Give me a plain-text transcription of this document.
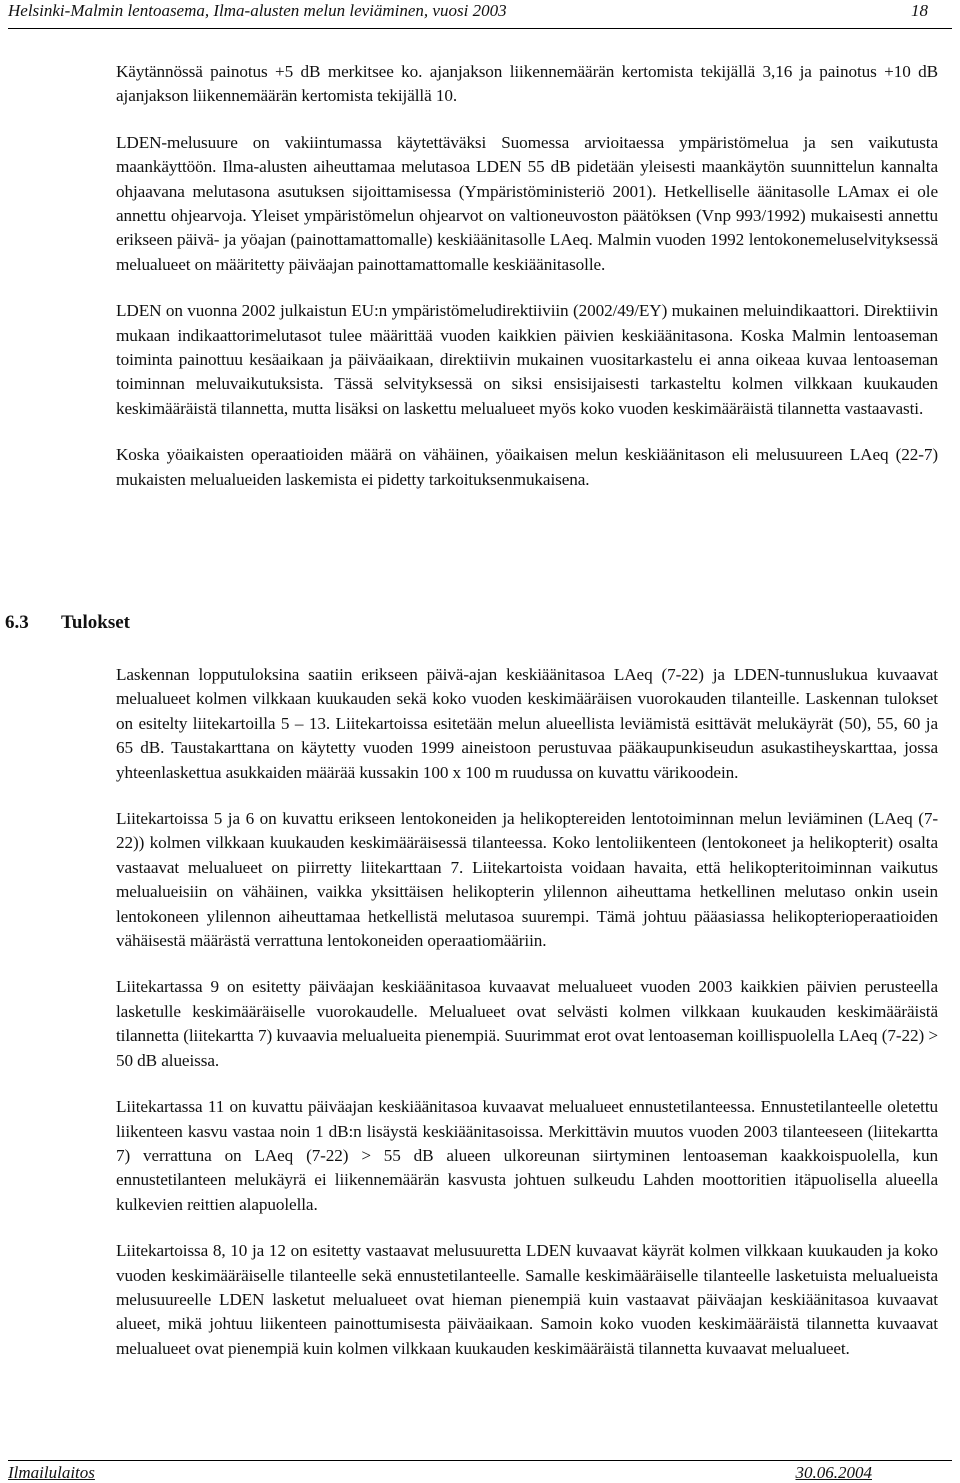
Helsinki-Malmin lentoasema, Ilma-alusten melun leviäminen, vuosi 2003	18

Käytännössä painotus +5 dB merkitsee ko. ajanjakson liikennemäärän kertomista tekijällä 3,16 ja painotus +10 dB ajanjakson liikennemäärän kertomista tekijällä 10.

LDEN-melusuure on vakiintumassa käytettäväksi Suomessa arvioitaessa ympäristömelua ja sen vaikutusta maankäyttöön. Ilma-alusten aiheuttamaa melutasoa LDEN 55 dB pidetään yleisesti maankäytön suunnittelun kannalta ohjaavana melutasona asutuksen sijoittamisessa (Ympäristöministeriö 2001). Hetkelliselle äänitasolle LAmax ei ole annettu ohjearvoja. Yleiset ympäristömelun ohjearvot on valtioneuvoston päätöksen (Vnp 993/1992) mukaisesti annettu erikseen päivä- ja yöajan (painottamattomalle) keskiäänitasolle LAeq. Malmin vuoden 1992 lentokonemeluselvityksessä melualueet on määritetty päiväajan painottamattomalle keskiäänitasolle.

LDEN on vuonna 2002 julkaistun EU:n ympäristömeludirektiiviin (2002/49/EY) mukainen meluindikaattori. Direktiivin mukaan indikaattorimelutasot tulee määrittää vuoden kaikkien päivien keskiäänitasona. Koska Malmin lentoaseman toiminta painottuu kesäaikaan ja päiväaikaan, direktiivin mukainen vuositarkastelu ei anna oikeaa kuvaa lentoaseman toiminnan meluvaikutuksista. Tässä selvityksessä on siksi ensisijaisesti tarkasteltu kolmen vilkkaan kuukauden keskimääräistä tilannetta, mutta lisäksi on laskettu melualueet myös koko vuoden keskimääräistä tilannetta vastaavasti.

Koska yöaikaisten operaatioiden määrä on vähäinen, yöaikaisen melun keskiäänitason eli melusuureen LAeq (22-7) mukaisten melualueiden laskemista ei pidetty tarkoituksenmukaisena.

6.3 Tulokset

Laskennan lopputuloksina saatiin erikseen päivä-ajan keskiäänitasoa LAeq (7-22) ja LDEN-tunnuslukua kuvaavat melualueet kolmen vilkkaan kuukauden sekä koko vuoden keskimääräisen vuorokauden tilanteille. Laskennan tulokset on esitelty liitekartoilla 5 – 13. Liitekartoissa esitetään melun alueellista leviämistä esittävät melukäyrät (50), 55, 60 ja 65 dB. Taustakarttana on käytetty vuoden 1999 aineistoon perustuvaa pääkaupunkiseudun asukastiheyskarttaa, jossa yhteenlaskettua asukkaiden määrää kussakin 100 x 100 m ruudussa on kuvattu värikoodein.

Liitekartoissa 5 ja 6 on kuvattu erikseen lentokoneiden ja helikoptereiden lentotoiminnan melun leviäminen (LAeq (7-22)) kolmen vilkkaan kuukauden keskimääräisessä tilanteessa. Koko lentoliikenteen (lentokoneet ja helikopterit) osalta vastaavat melualueet on piirretty liitekarttaan 7. Liitekartoista voidaan havaita, että helikopteritoiminnan vaikutus melualueisiin on vähäinen, vaikka yksittäisen helikopterin ylilennon aiheuttama hetkellinen melutaso onkin usein lentokoneen ylilennon aiheuttamaa hetkellistä melutasoa suurempi. Tämä johtuu pääasiassa helikopterioperaatioiden vähäisestä määrästä verrattuna lentokoneiden operaatiomääriin.

Liitekartassa 9 on esitetty päiväajan keskiäänitasoa kuvaavat melualueet vuoden 2003 kaikkien päivien perusteella lasketulle keskimääräiselle vuorokaudelle. Melualueet ovat selvästi kolmen vilkkaan kuukauden keskimääräistä tilannetta (liitekartta 7) kuvaavia melualueita pienempiä. Suurimmat erot ovat lentoaseman koillispuolella LAeq (7-22) > 50 dB alueissa.

Liitekartassa 11 on kuvattu päiväajan keskiäänitasoa kuvaavat melualueet ennustetilanteessa. Ennustetilanteelle oletettu liikenteen kasvu vastaa noin 1 dB:n lisäystä keskiäänitasoissa. Merkittävin muutos vuoden 2003 tilanteeseen (liitekartta 7) verrattuna on LAeq (7-22) > 55 dB alueen ulkoreunan siirtyminen lentoaseman kaakkoispuolella, kun ennustetilanteen melukäyrä ei liikennemäärän kasvusta johtuen sulkeudu Lahden moottoritien itäpuolisella alueella kulkevien reittien alapuolella.

Liitekartoissa 8, 10 ja 12 on esitetty vastaavat melusuuretta LDEN kuvaavat käyrät kolmen vilkkaan kuukauden ja koko vuoden keskimääräiselle tilanteelle sekä ennustetilanteelle. Samalle keskimääräiselle tilanteelle lasketuista melualueista melusuureelle LDEN lasketut melualueet ovat hieman pienempiä kuin vastaavat päiväajan keskiäänitasoa kuvaavat alueet, mikä johtuu liikenteen painottumisesta päiväaikaan. Samoin koko vuoden keskimääräistä tilannetta kuvaavat melualueet ovat pienempiä kuin kolmen vilkkaan kuukauden keskimääräistä tilannetta kuvaavat melualueet.

Ilmailulaitos	30.06.2004
